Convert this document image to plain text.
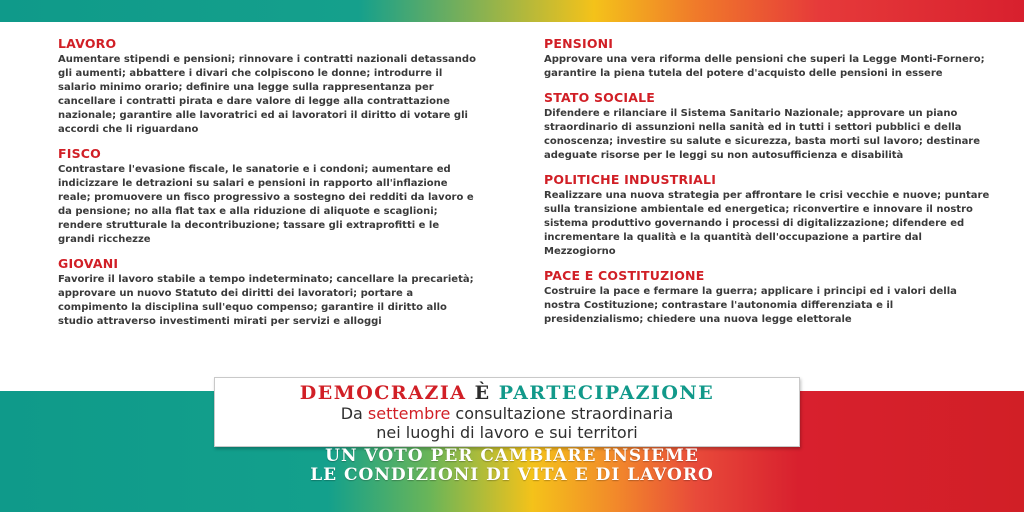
LAVORO

Aumentare stipendi e pensioni; rinnovare i contratti nazionali detassando gli aumenti; abbattere i divari che colpiscono le donne; introdurre il salario minimo orario; definire una legge sulla rappresentanza per cancellare i contratti pirata e dare valore di legge alla contrattazione nazionale; garantire alle lavoratrici ed ai lavoratori il diritto di votare gli accordi che li riguardano

FISCO

Contrastare l'evasione fiscale, le sanatorie e i condoni; aumentare ed indicizzare le detrazioni su salari e pensioni in rapporto all'inflazione reale; promuovere un fisco progressivo a sostegno dei redditi da lavoro e da pensione; no alla flat tax e alla riduzione di aliquote e scaglioni; rendere strutturale la decontribuzione; tassare gli extraprofitti e le grandi ricchezze

GIOVANI

Favorire il lavoro stabile a tempo indeterminato; cancellare la precarietà; approvare un nuovo Statuto dei diritti dei lavoratori; portare a compimento la disciplina sull'equo compenso; garantire il diritto allo studio attraverso investimenti mirati per servizi e alloggi

PENSIONI

Approvare una vera riforma delle pensioni che superi la Legge Monti-Fornero; garantire la piena tutela del potere d'acquisto delle pensioni in essere

STATO SOCIALE

Difendere e rilanciare il Sistema Sanitario Nazionale; approvare un piano straordinario di assunzioni nella sanità ed in tutti i settori pubblici e della conoscenza; investire su salute e sicurezza, basta morti sul lavoro; destinare adeguate risorse per le leggi su non autosufficienza e disabilità

POLITICHE INDUSTRIALI

Realizzare una nuova strategia per affrontare le crisi vecchie e nuove; puntare sulla transizione ambientale ed energetica; riconvertire e innovare il nostro sistema produttivo governando i processi di digitalizzazione; difendere ed incrementare la qualità e la quantità dell'occupazione a partire dal Mezzogiorno

PACE E COSTITUZIONE

Costruire la pace e fermare la guerra; applicare i principi ed i valori della nostra Costituzione; contrastare l'autonomia differenziata e il presidenzialismo; chiedere una nuova legge elettorale

DEMOCRAZIA È PARTECIPAZIONE
Da settembre consultazione straordinaria
nei luoghi di lavoro e sui territori
UN VOTO PER CAMBIARE INSIEME
LE CONDIZIONI DI VITA E DI LAVORO
